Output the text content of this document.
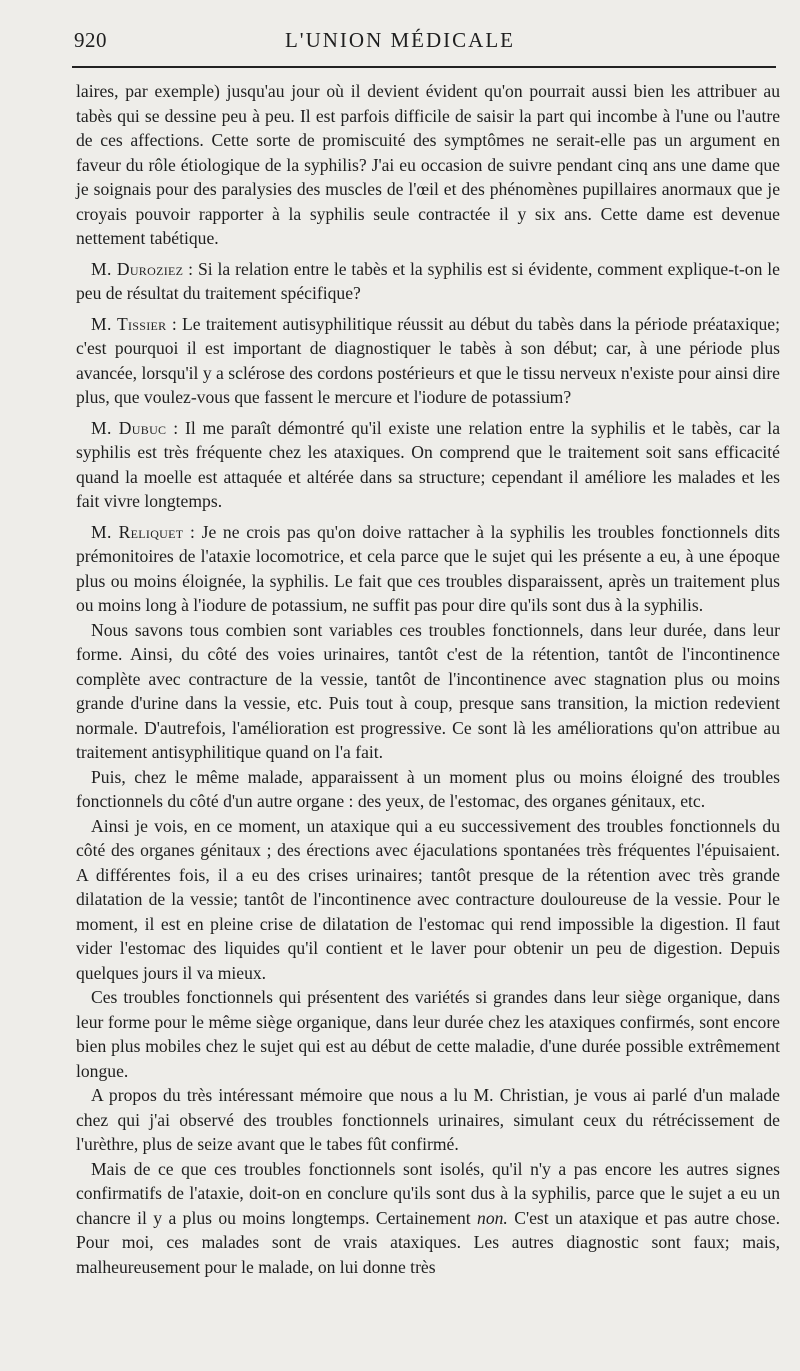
920	L'UNION MÉDICALE

laires, par exemple) jusqu'au jour où il devient évident qu'on pourrait aussi bien les attribuer au tabès qui se dessine peu à peu. Il est parfois difficile de saisir la part qui incombe à l'une ou l'autre de ces affections. Cette sorte de promiscuité des symptômes ne serait-elle pas un argument en faveur du rôle étiologique de la syphilis? J'ai eu occasion de suivre pendant cinq ans une dame que je soignais pour des paralysies des muscles de l'œil et des phénomènes pupillaires anormaux que je croyais pouvoir rapporter à la syphilis seule contractée il y six ans. Cette dame est devenue nettement tabétique.

M. Duroziez : Si la relation entre le tabès et la syphilis est si évidente, comment explique-t-on le peu de résultat du traitement spécifique?

M. Tissier : Le traitement autisyphilitique réussit au début du tabès dans la période préataxique; c'est pourquoi il est important de diagnostiquer le tabès à son début; car, à une période plus avancée, lorsqu'il y a sclérose des cordons postérieurs et que le tissu nerveux n'existe pour ainsi dire plus, que voulez-vous que fassent le mercure et l'iodure de potassium?

M. Dubuc : Il me paraît démontré qu'il existe une relation entre la syphilis et le tabès, car la syphilis est très fréquente chez les ataxiques. On comprend que le traitement soit sans efficacité quand la moelle est attaquée et altérée dans sa structure; cependant il améliore les malades et les fait vivre longtemps.

M. Reliquet : Je ne crois pas qu'on doive rattacher à la syphilis les troubles fonctionnels dits prémonitoires de l'ataxie locomotrice, et cela parce que le sujet qui les présente a eu, à une époque plus ou moins éloignée, la syphilis. Le fait que ces troubles disparaissent, après un traitement plus ou moins long à l'iodure de potassium, ne suffit pas pour dire qu'ils sont dus à la syphilis.

Nous savons tous combien sont variables ces troubles fonctionnels, dans leur durée, dans leur forme. Ainsi, du côté des voies urinaires, tantôt c'est de la rétention, tantôt de l'incontinence complète avec contracture de la vessie, tantôt de l'incontinence avec stagnation plus ou moins grande d'urine dans la vessie, etc. Puis tout à coup, presque sans transition, la miction redevient normale. D'autrefois, l'amélioration est progressive. Ce sont là les améliorations qu'on attribue au traitement antisyphilitique quand on l'a fait.

Puis, chez le même malade, apparaissent à un moment plus ou moins éloigné des troubles fonctionnels du côté d'un autre organe : des yeux, de l'estomac, des organes génitaux, etc.

Ainsi je vois, en ce moment, un ataxique qui a eu successivement des troubles fonctionnels du côté des organes génitaux ; des érections avec éjaculations spontanées très fréquentes l'épuisaient. A différentes fois, il a eu des crises urinaires; tantôt presque de la rétention avec très grande dilatation de la vessie; tantôt de l'incontinence avec contracture douloureuse de la vessie. Pour le moment, il est en pleine crise de dilatation de l'estomac qui rend impossible la digestion. Il faut vider l'estomac des liquides qu'il contient et le laver pour obtenir un peu de digestion. Depuis quelques jours il va mieux.

Ces troubles fonctionnels qui présentent des variétés si grandes dans leur siège organique, dans leur forme pour le même siège organique, dans leur durée chez les ataxiques confirmés, sont encore bien plus mobiles chez le sujet qui est au début de cette maladie, d'une durée possible extrêmement longue.

A propos du très intéressant mémoire que nous a lu M. Christian, je vous ai parlé d'un malade chez qui j'ai observé des troubles fonctionnels urinaires, simulant ceux du rétrécissement de l'urèthre, plus de seize avant que le tabes fût confirmé.

Mais de ce que ces troubles fonctionnels sont isolés, qu'il n'y a pas encore les autres signes confirmatifs de l'ataxie, doit-on en conclure qu'ils sont dus à la syphilis, parce que le sujet a eu un chancre il y a plus ou moins longtemps. Certainement non. C'est un ataxique et pas autre chose. Pour moi, ces malades sont de vrais ataxiques. Les autres diagnostic sont faux; mais, malheureusement pour le malade, on lui donne très
